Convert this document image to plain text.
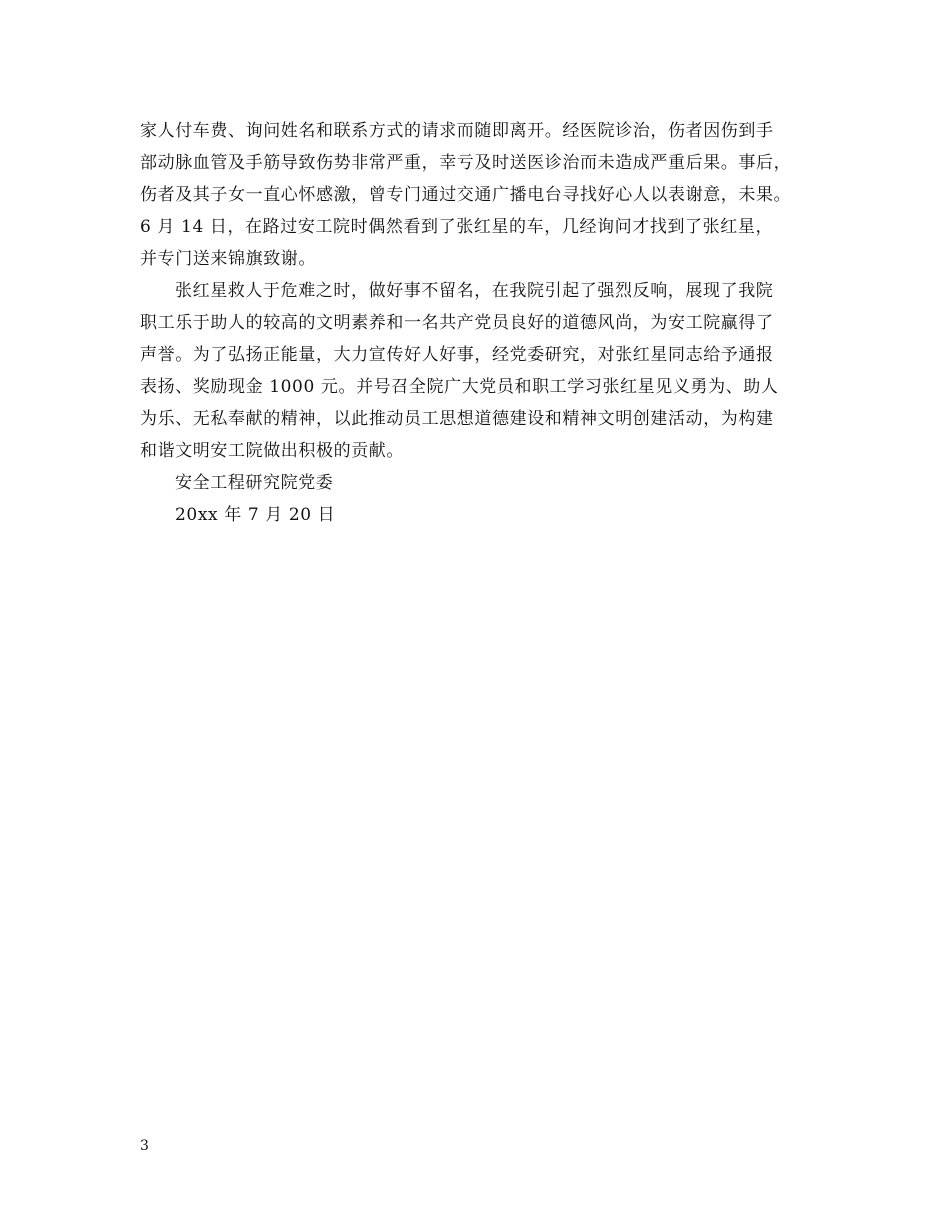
家人付车费、询问姓名和联系方式的请求而随即离开。经医院诊治，伤者因伤到手
部动脉血管及手筋导致伤势非常严重，幸亏及时送医诊治而未造成严重后果。事后，
伤者及其子女一直心怀感激，曾专门通过交通广播电台寻找好心人以表谢意，未果。
6 月 14 日，在路过安工院时偶然看到了张红星的车，几经询问才找到了张红星，
并专门送来锦旗致谢。
张红星救人于危难之时，做好事不留名，在我院引起了强烈反响，展现了我院
职工乐于助人的较高的文明素养和一名共产党员良好的道德风尚，为安工院赢得了
声誉。为了弘扬正能量，大力宣传好人好事，经党委研究，对张红星同志给予通报
表扬、奖励现金 1000 元。并号召全院广大党员和职工学习张红星见义勇为、助人
为乐、无私奉献的精神，以此推动员工思想道德建设和精神文明创建活动，为构建
和谐文明安工院做出积极的贡献。
安全工程研究院党委
20xx 年 7 月 20 日
3
